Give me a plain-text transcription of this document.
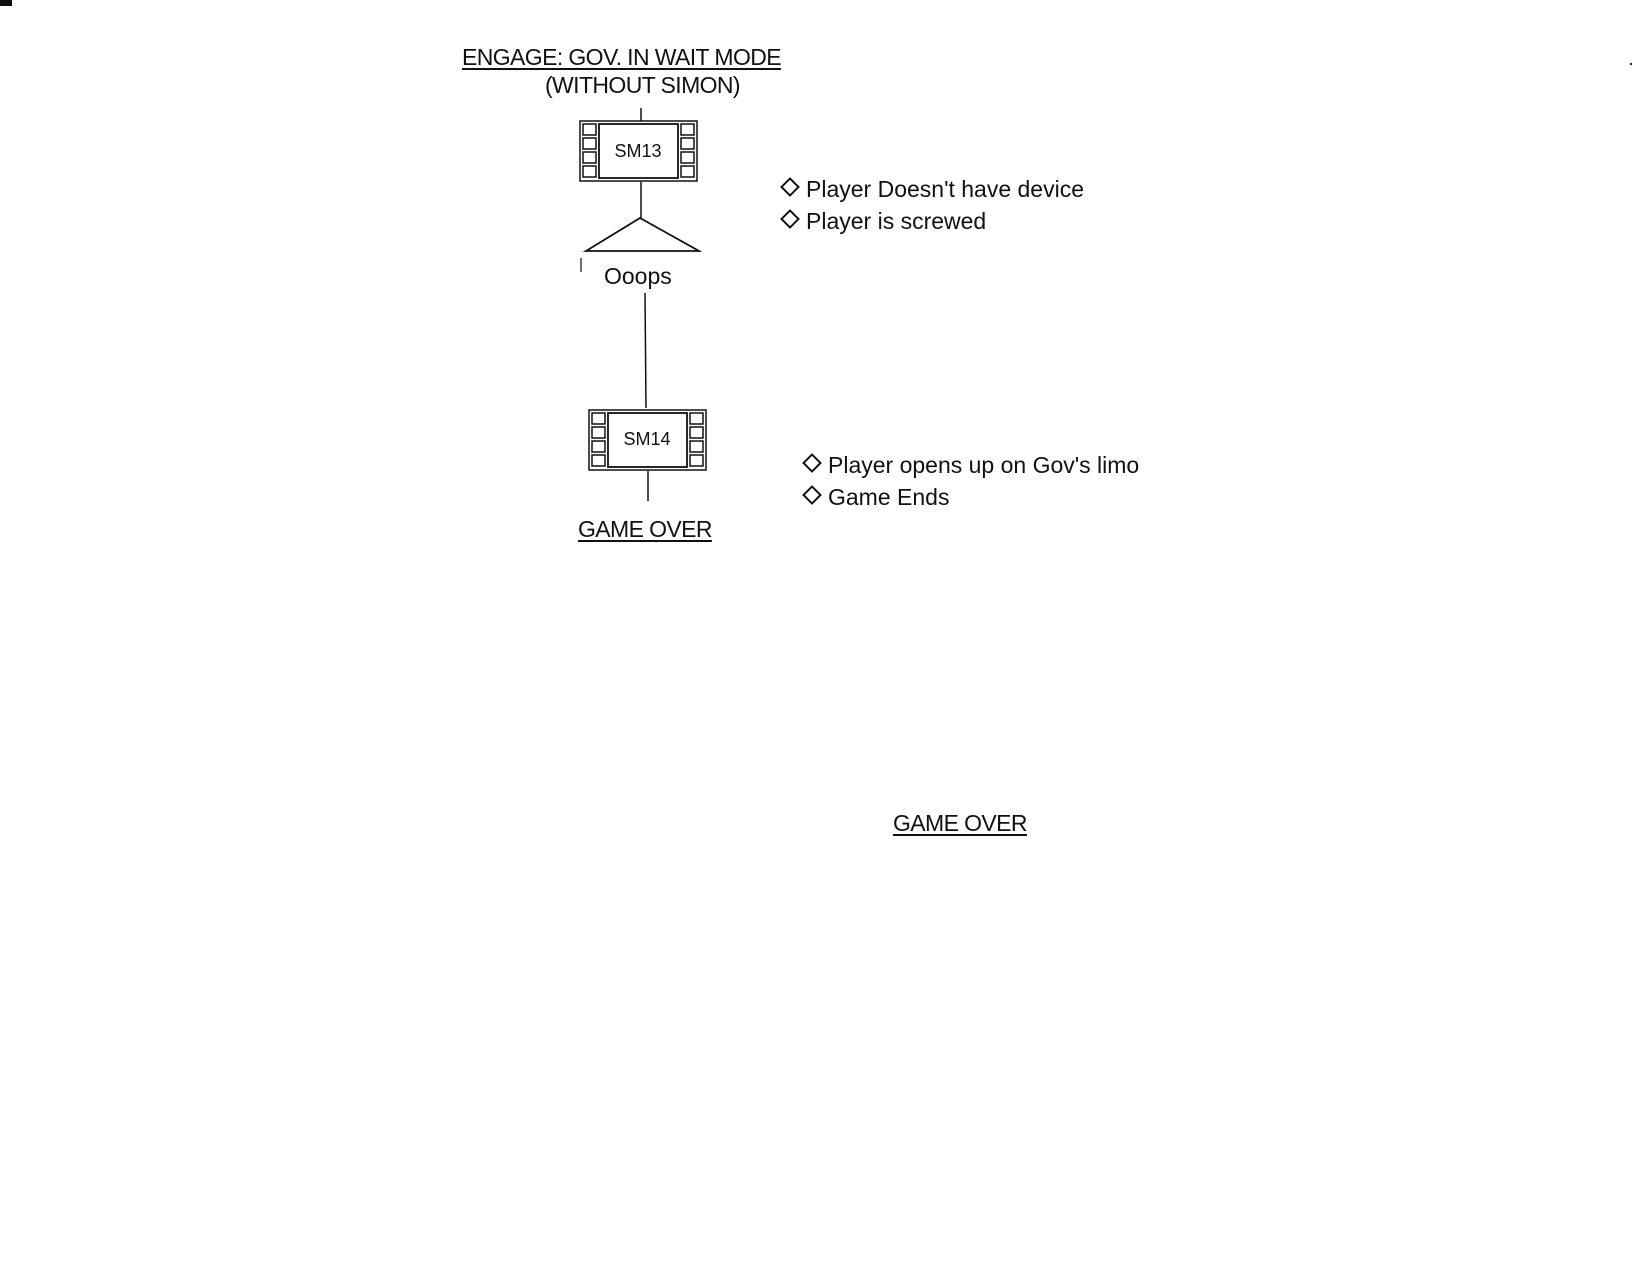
ENGAGE: GOV. IN WAIT MODE
(WITHOUT SIMON)
SM13
SM14
Ooops
GAME OVER
Player Doesn't have device
Player is screwed
Player opens up on Gov's limo
Game Ends
GAME OVER
